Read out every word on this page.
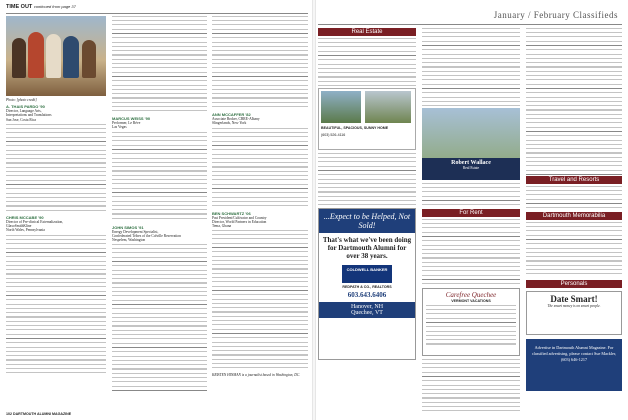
TIME OUT continued from page 37
Photo: [photo credit]
A. THAIS PARDO '90
Director, Language Arts,
Interpretations and Translations
San Jose, Costa Rica
CHRIS MCCABE '90
Director of Pre-clinical Externalization,
GlaxoSmithKline
North Wales, Pennsylvania
MARCUS WEISS '90
Performer, Le Réve
Las Vegas
JOHN SIMOS '91
Energy Development Specialist,
Confederated Tribes of the Colville Reservation
Nespelem, Washington
ANN MCCAFFER '82
Associate Broker, CBRE-Albany
Slingerlands, New York
BEN SCHWARTZ '06
Past President/Cultivator and Country
Director, World Partners in Education
Tema, Ghana
KRISTEN HINMAN is a journalist based in Washington, DC.
102 DARTMOUTH ALUMNI MAGAZINE
January / February Classifieds
Real Estate
BEAUTIFUL, SPACIOUS, SUNNY HOME
(603) 526-4116
...Expect to be Helped, Not Sold!
That's what we've been doing for Dartmouth Alumni for over 38 years.
COLDWELL BANKER
REDPATH & CO., REALTORS
603.643.6406
Hanover, NH
Quechee, VT
Robert Wallace
Real Estate
For Rent
Carefree Quechee
VERMONT VACATIONS
Travel and Resorts
Dartmouth Memorabilia
Personals
Date Smart!
The smart money is on smart people.
Advertise in Dartmouth Alumni Magazine. For classified advertising, please contact Sue Mackler, (603) 646-1217
